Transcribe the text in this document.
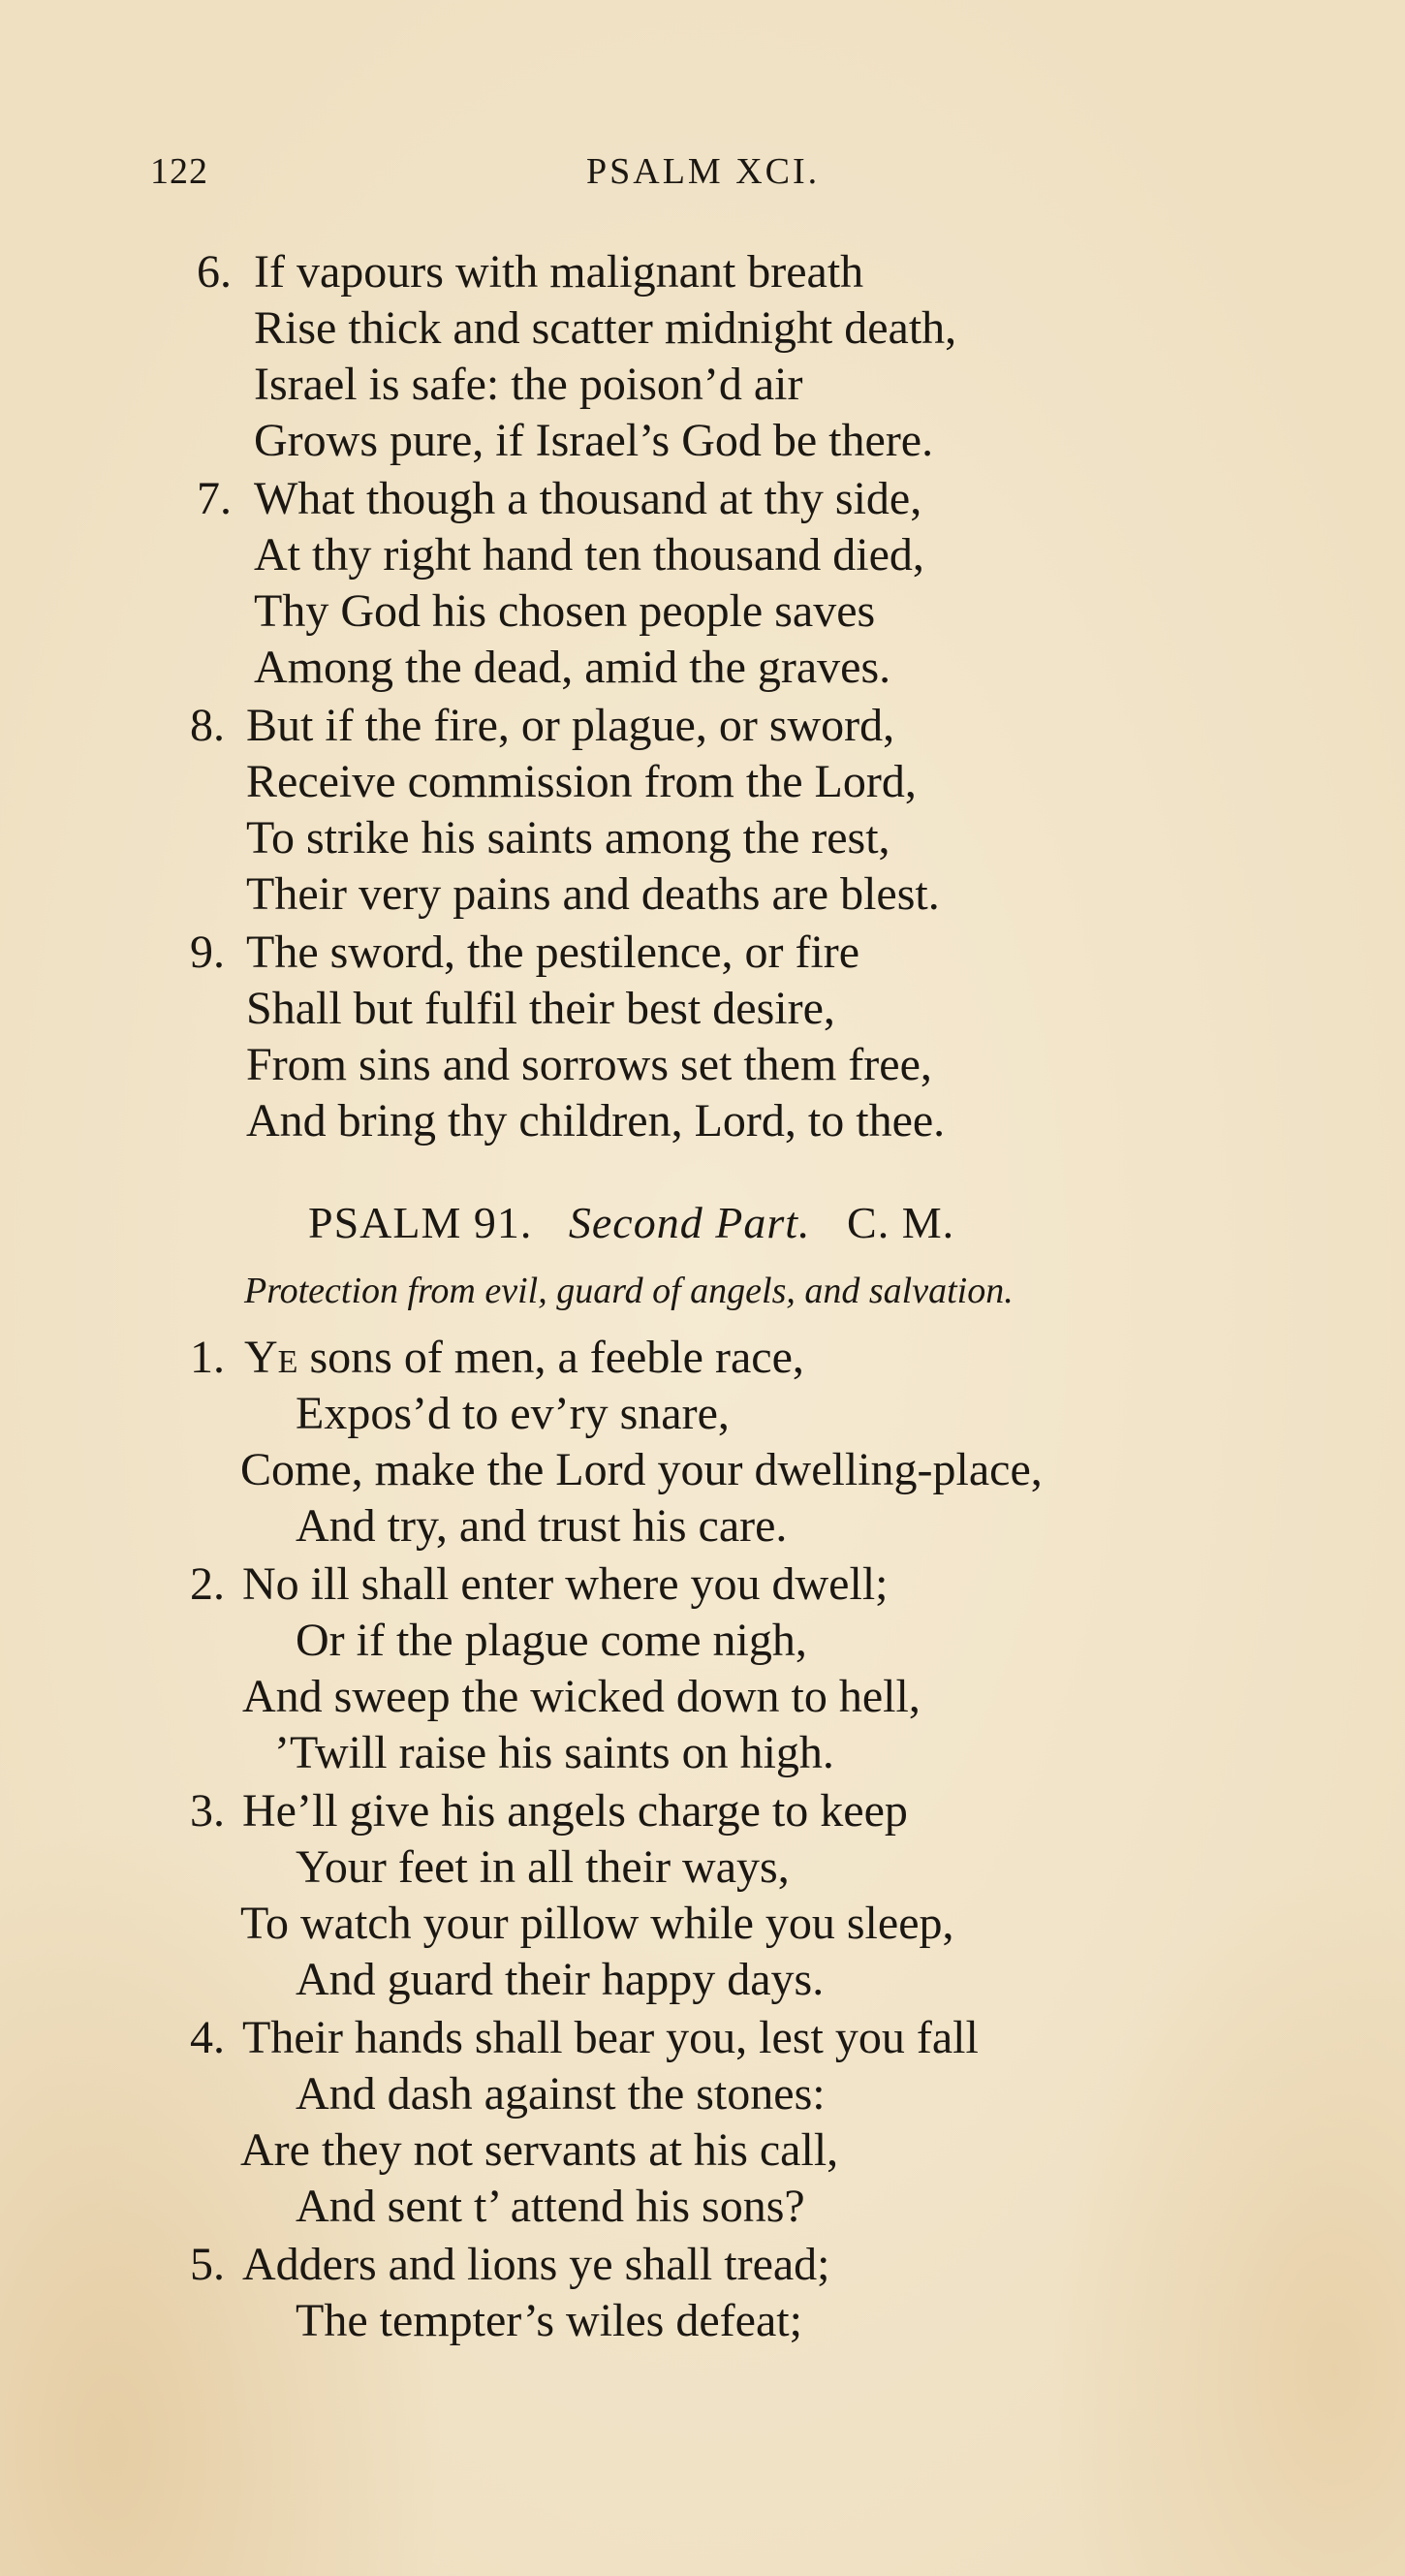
122	PSALM XCI.
6. If vapours with malignant breath
Rise thick and scatter midnight death,
Israel is safe: the poison’d air
Grows pure, if Israel’s God be there.
7. What though a thousand at thy side,
At thy right hand ten thousand died,
Thy God his chosen people saves
Among the dead, amid the graves.
8. But if the fire, or plague, or sword,
Receive commission from the Lord,
To strike his saints among the rest,
Their very pains and deaths are blest.
9. The sword, the pestilence, or fire
Shall but fulfil their best desire,
From sins and sorrows set them free,
And bring thy children, Lord, to thee.
PSALM 91. Second Part. C. M.
Protection from evil, guard of angels, and salvation.
1. Ye sons of men, a feeble race,
Expos’d to ev’ry snare,
Come, make the Lord your dwelling-place,
And try, and trust his care.
2. No ill shall enter where you dwell;
Or if the plague come nigh,
And sweep the wicked down to hell,
’Twill raise his saints on high.
3. He’ll give his angels charge to keep
Your feet in all their ways,
To watch your pillow while you sleep,
And guard their happy days.
4. Their hands shall bear you, lest you fall
And dash against the stones:
Are they not servants at his call,
And sent t’ attend his sons?
5. Adders and lions ye shall tread;
The tempter’s wiles defeat;
